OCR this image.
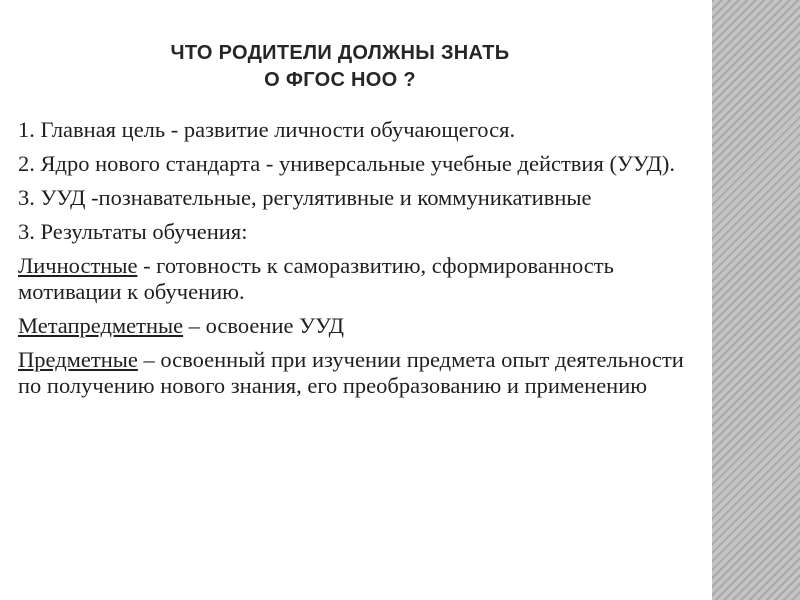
ЧТО РОДИТЕЛИ ДОЛЖНЫ ЗНАТЬ
О ФГОС НОО ?

1. Главная цель - развитие личности обучающегося.

2. Ядро нового стандарта - универсальные учебные действия (УУД).

3. УУД -познавательные, регулятивные и коммуникативные

3. Результаты обучения:

Личностные - готовность к саморазвитию, сформированность мотивации к обучению.

Метапредметные – освоение УУД

Предметные – освоенный при изучении предмета опыт деятельности по получению нового знания, его преобразованию и применению
